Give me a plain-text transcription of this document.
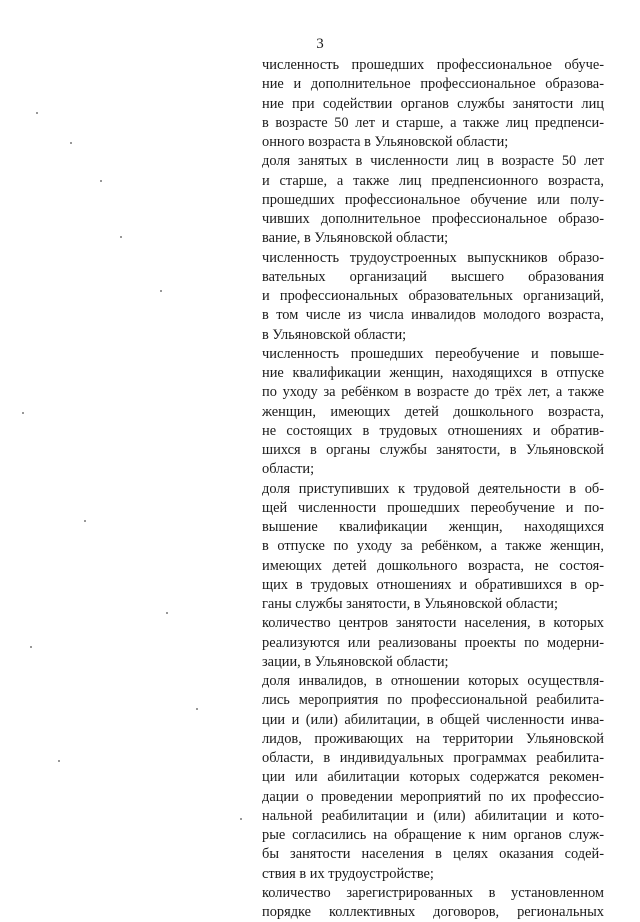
3
численность прошедших профессиональное обуче-
ние и дополнительное профессиональное образова-
ние при содействии органов службы занятости лиц
в возрасте 50 лет и старше, а также лиц предпенси-
онного возраста в Ульяновской области;
доля занятых в численности лиц в возрасте 50 лет
и старше, а также лиц предпенсионного возраста,
прошедших профессиональное обучение или полу-
чивших дополнительное профессиональное образо-
вание, в Ульяновской области;
численность трудоустроенных выпускников образо-
вательных организаций высшего образования
и профессиональных образовательных организаций,
в том числе из числа инвалидов молодого возраста,
в Ульяновской области;
численность прошедших переобучение и повыше-
ние квалификации женщин, находящихся в отпуске
по уходу за ребёнком в возрасте до трёх лет, а также
женщин, имеющих детей дошкольного возраста,
не состоящих в трудовых отношениях и обратив-
шихся в органы службы занятости, в Ульяновской
области;
доля приступивших к трудовой деятельности в об-
щей численности прошедших переобучение и по-
вышение квалификации женщин, находящихся
в отпуске по уходу за ребёнком, а также женщин,
имеющих детей дошкольного возраста, не состоя-
щих в трудовых отношениях и обратившихся в ор-
ганы службы занятости, в Ульяновской области;
количество центров занятости населения, в которых
реализуются или реализованы проекты по модерни-
зации, в Ульяновской области;
доля инвалидов, в отношении которых осуществля-
лись мероприятия по профессиональной реабилита-
ции и (или) абилитации, в общей численности инва-
лидов, проживающих на территории Ульяновской
области, в индивидуальных программах реабилита-
ции или абилитации которых содержатся рекомен-
дации о проведении мероприятий по их профессио-
нальной реабилитации и (или) абилитации и кото-
рые согласились на обращение к ним органов служ-
бы занятости населения в целях оказания содей-
ствия в их трудоустройстве;
количество зарегистрированных в установленном
порядке коллективных договоров, региональных
